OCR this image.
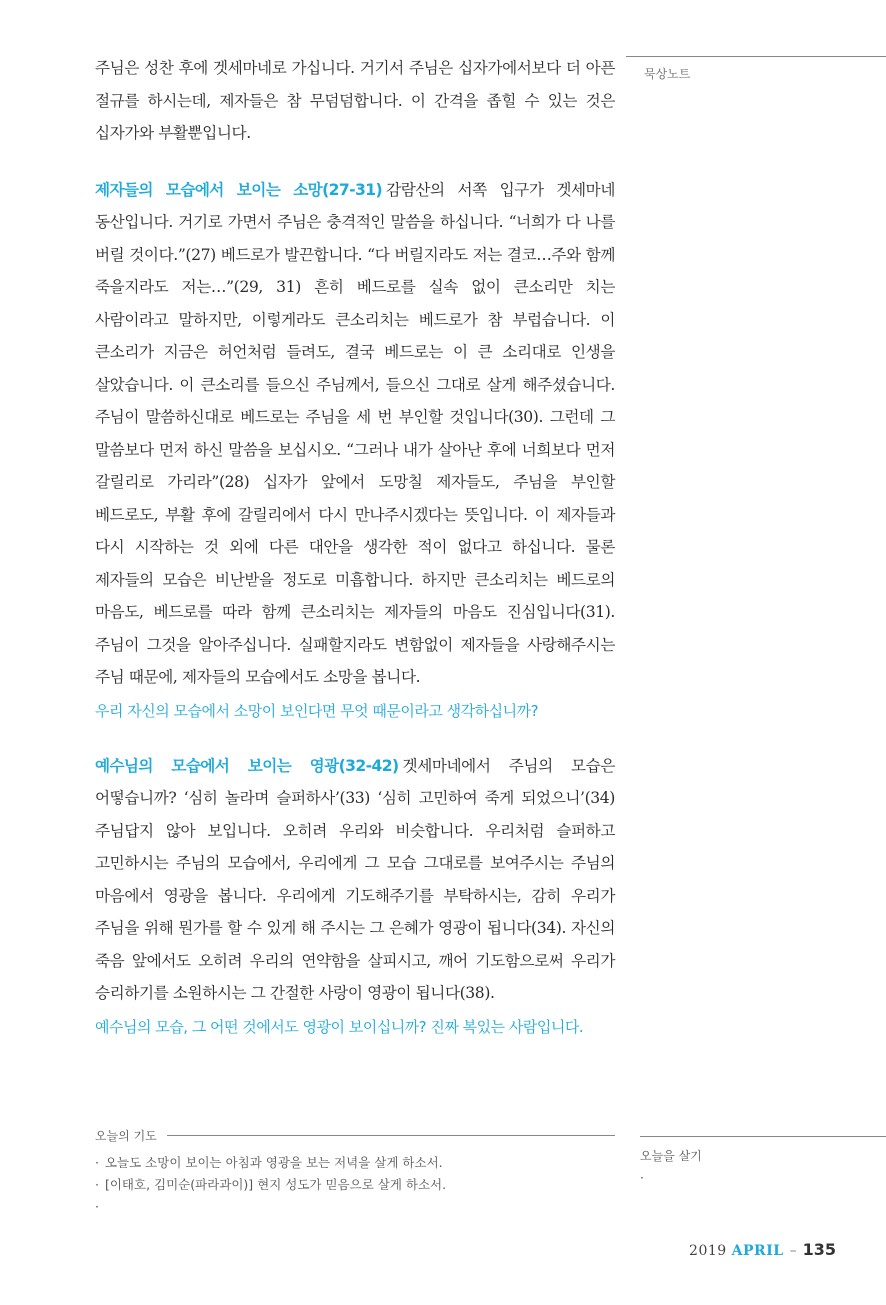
주님은 성찬 후에 겟세마네로 가십니다. 거기서 주님은 십자가에서보다 더 아픈 절규를 하시는데, 제자들은 참 무덤덤합니다. 이 간격을 좁힐 수 있는 것은 십자가와 부활뿐입니다.

제자들의 모습에서 보이는 소망(27-31) 감람산의 서쪽 입구가 겟세마네 동산입니다. 거기로 가면서 주님은 충격적인 말씀을 하십니다. “너희가 다 나를 버릴 것이다.”(27) 베드로가 발끈합니다. “다 버릴지라도 저는 결코…주와 함께 죽을지라도 저는…”(29, 31) 흔히 베드로를 실속 없이 큰소리만 치는 사람이라고 말하지만, 이렇게라도 큰소리치는 베드로가 참 부럽습니다. 이 큰소리가 지금은 허언처럼 들려도, 결국 베드로는 이 큰 소리대로 인생을 살았습니다. 이 큰소리를 들으신 주님께서, 들으신 그대로 살게 해주셨습니다. 주님이 말씀하신대로 베드로는 주님을 세 번 부인할 것입니다(30). 그런데 그 말씀보다 먼저 하신 말씀을 보십시오. “그러나 내가 살아난 후에 너희보다 먼저 갈릴리로 가리라”(28) 십자가 앞에서 도망칠 제자들도, 주님을 부인할 베드로도, 부활 후에 갈릴리에서 다시 만나주시겠다는 뜻입니다. 이 제자들과 다시 시작하는 것 외에 다른 대안을 생각한 적이 없다고 하십니다. 물론 제자들의 모습은 비난받을 정도로 미흡합니다. 하지만 큰소리치는 베드로의 마음도, 베드로를 따라 함께 큰소리치는 제자들의 마음도 진심입니다(31). 주님이 그것을 알아주십니다. 실패할지라도 변함없이 제자들을 사랑해주시는 주님 때문에, 제자들의 모습에서도 소망을 봅니다.

우리 자신의 모습에서 소망이 보인다면 무엇 때문이라고 생각하십니까?

예수님의 모습에서 보이는 영광(32-42) 겟세마네에서 주님의 모습은 어떻습니까? ‘심히 놀라며 슬퍼하사’(33) ‘심히 고민하여 죽게 되었으니’(34) 주님답지 않아 보입니다. 오히려 우리와 비슷합니다. 우리처럼 슬퍼하고 고민하시는 주님의 모습에서, 우리에게 그 모습 그대로를 보여주시는 주님의 마음에서 영광을 봅니다. 우리에게 기도해주기를 부탁하시는, 감히 우리가 주님을 위해 뭔가를 할 수 있게 해 주시는 그 은혜가 영광이 됩니다(34). 자신의 죽음 앞에서도 오히려 우리의 연약함을 살피시고, 깨어 기도함으로써 우리가 승리하기를 소원하시는 그 간절한 사랑이 영광이 됩니다(38).

예수님의 모습, 그 어떤 것에서도 영광이 보이십니까? 진짜 복있는 사람입니다.
묵상노트
오늘의 기도
· 오늘도 소망이 보이는 아침과 영광을 보는 저녁을 살게 하소서.
· [이태호, 김미순(파라과이)] 현지 성도가 믿음으로 살게 하소서.
·
오늘을 살기
·
2019 APRIL – 135
